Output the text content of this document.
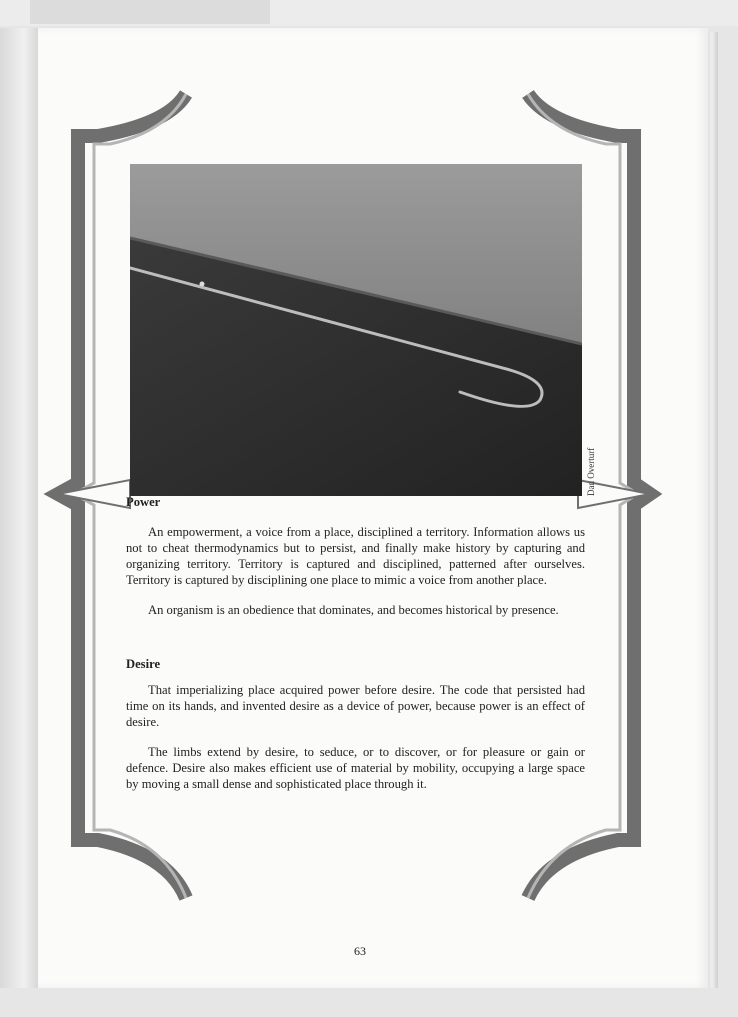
Dan Overturf

Power

An empowerment, a voice from a place, disciplined a territory. Information allows us not to cheat thermodynamics but to persist, and finally make history by capturing and organizing territory. Territory is captured and disciplined, patterned after ourselves. Territory is captured by disciplining one place to mimic a voice from another place.

An organism is an obedience that dominates, and becomes historical by presence.

Desire

That imperializing place acquired power before desire. The code that persisted had time on its hands, and invented desire as a device of power, because power is an effect of desire.

The limbs extend by desire, to seduce, or to discover, or for pleasure or gain or defence. Desire also makes efficient use of material by mobility, occupying a large space by moving a small dense and sophisticated place through it.

63
